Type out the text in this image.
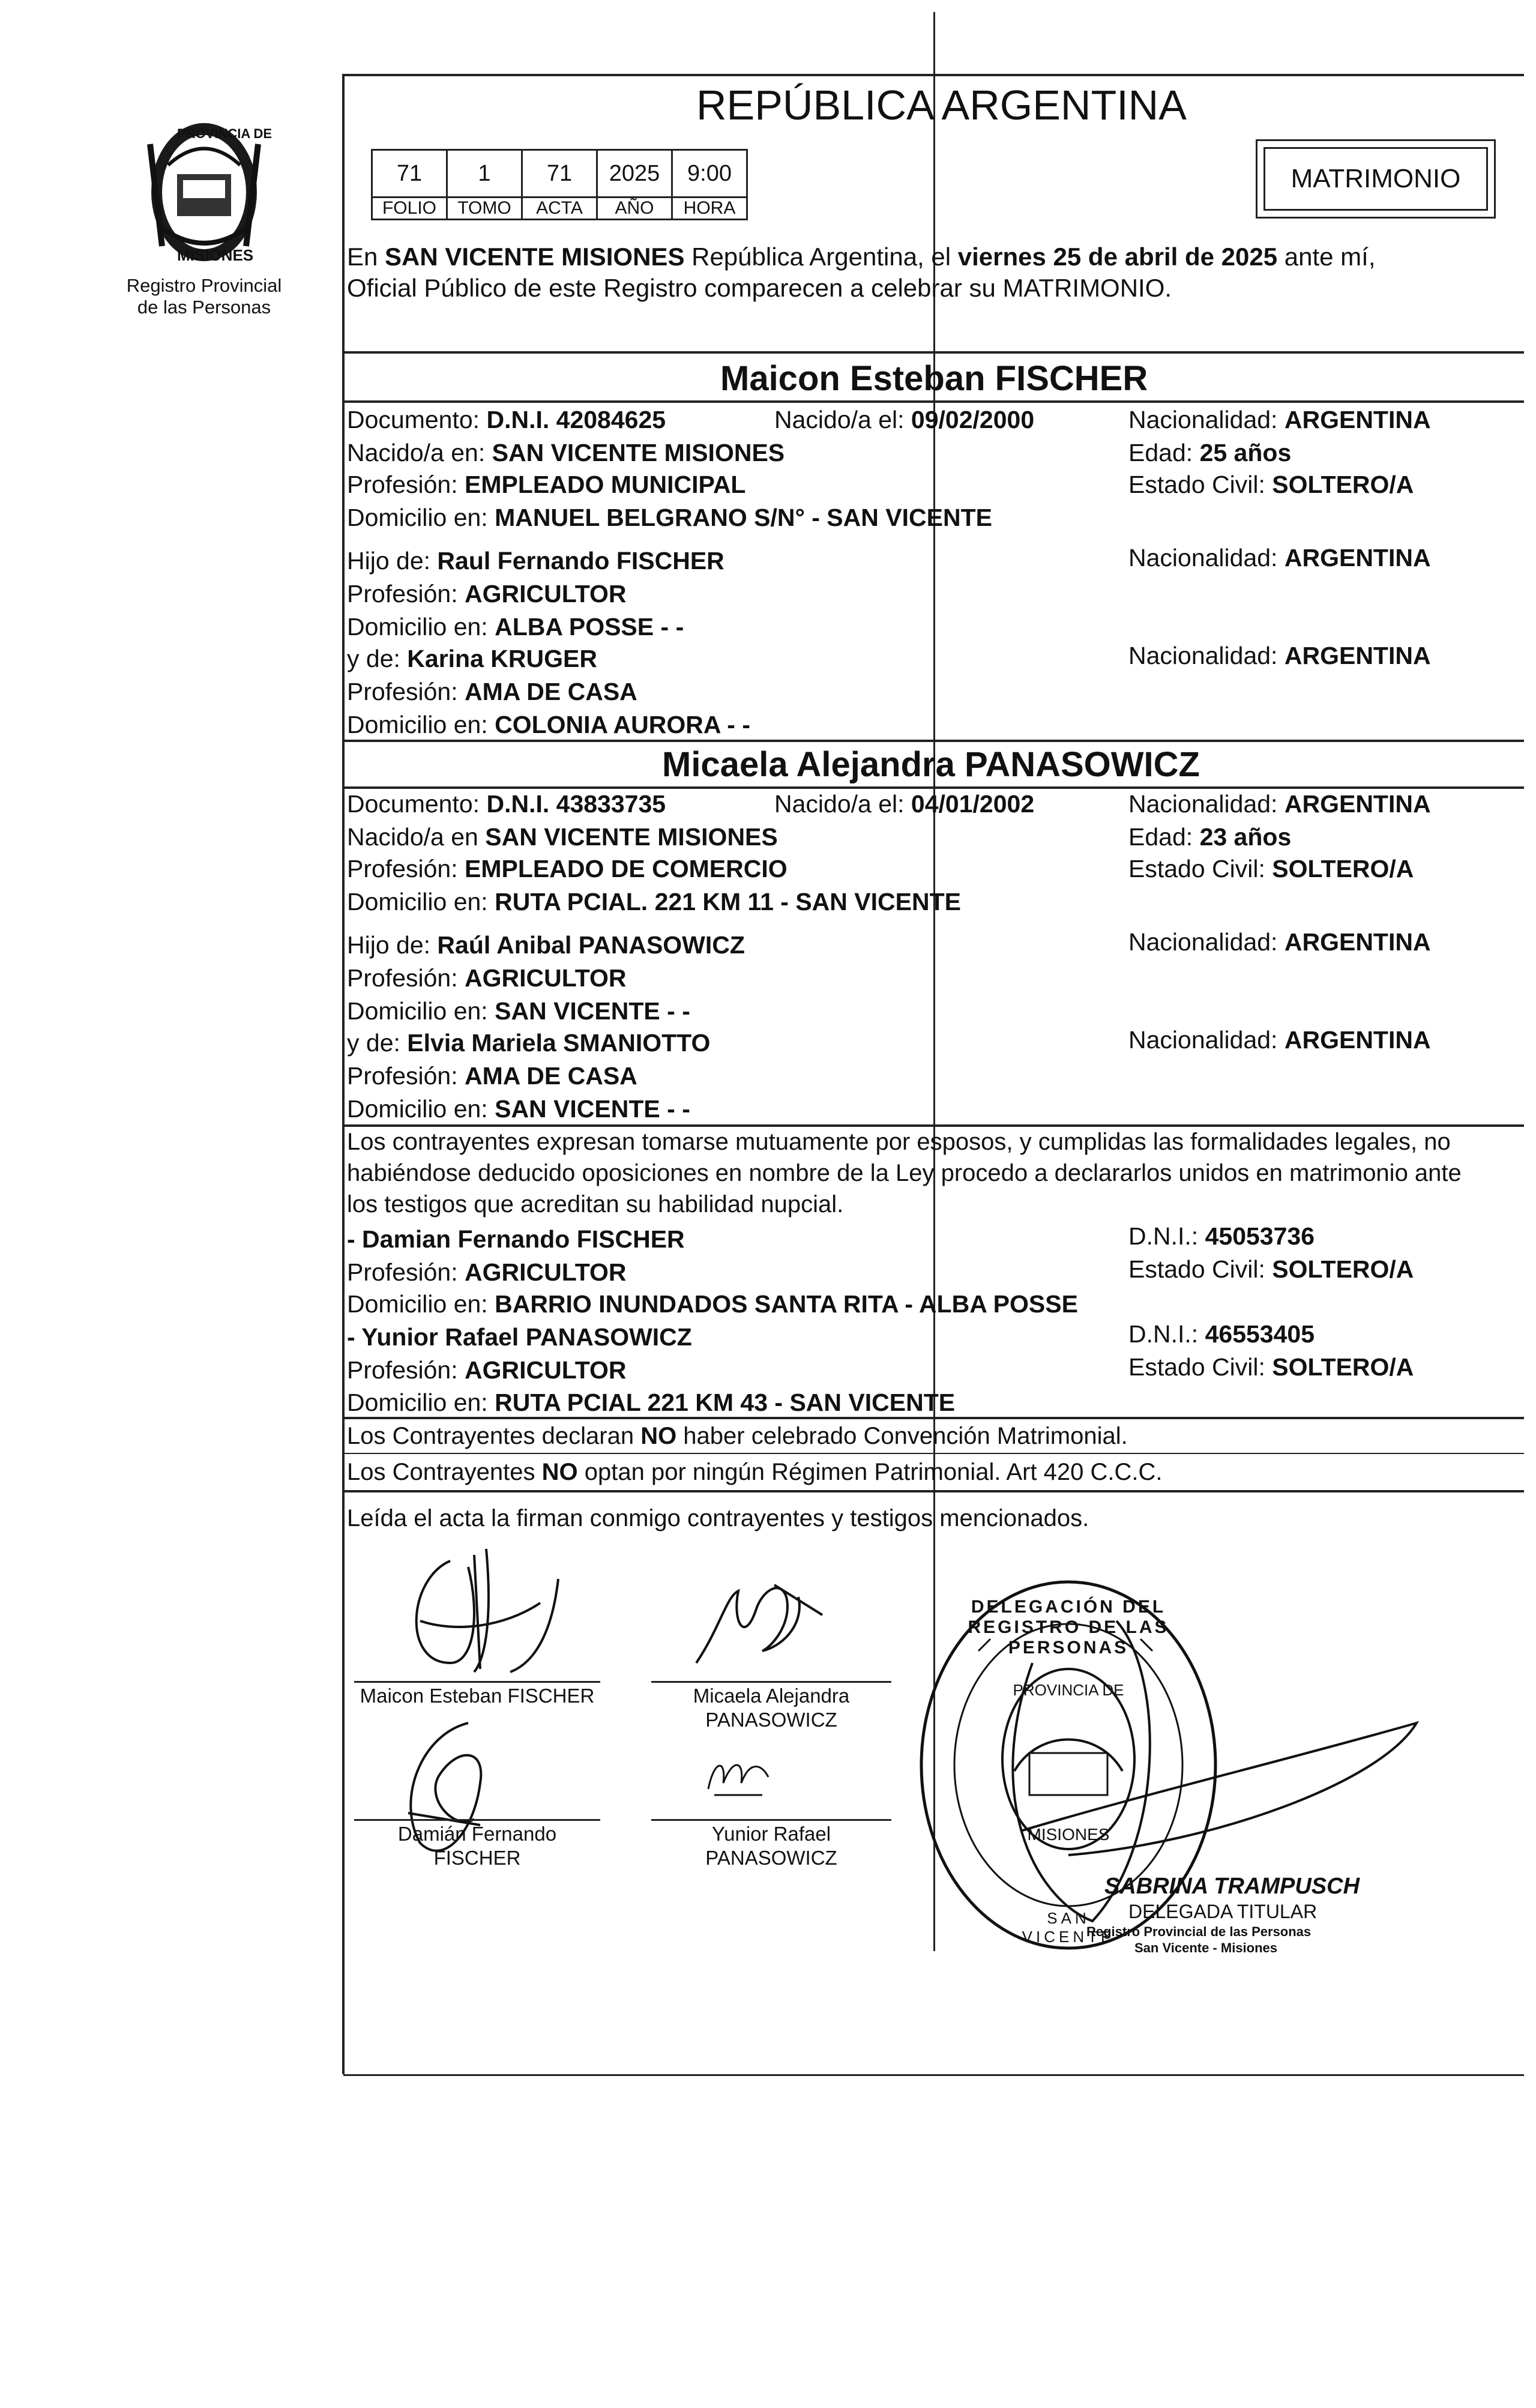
PROVINCIA DE
MISIONES
Registro Provincial
de las Personas
REPÚBLICA ARGENTINA
71	1	71	2025	9:00
FOLIO	TOMO	ACTA	AÑO	HORA
MATRIMONIO
En SAN VICENTE MISIONES República Argentina, el viernes 25 de abril de 2025 ante mí,
Oficial Público de este Registro comparecen a celebrar su MATRIMONIO.
Maicon Esteban FISCHER
Documento: D.N.I. 42084625	Nacido/a el: 09/02/2000	Nacionalidad: ARGENTINA
Nacido/a en: SAN VICENTE MISIONES	Edad: 25 años
Profesión: EMPLEADO MUNICIPAL	Estado Civil: SOLTERO/A
Domicilio en: MANUEL BELGRANO S/N° - SAN VICENTE
Hijo de: Raul Fernando FISCHER	Nacionalidad: ARGENTINA
Profesión: AGRICULTOR
Domicilio en: ALBA POSSE - -
y de: Karina KRUGER	Nacionalidad: ARGENTINA
Profesión: AMA DE CASA
Domicilio en: COLONIA AURORA - -
Micaela Alejandra PANASOWICZ
Documento: D.N.I. 43833735	Nacido/a el: 04/01/2002	Nacionalidad: ARGENTINA
Nacido/a en SAN VICENTE MISIONES	Edad: 23 años
Profesión: EMPLEADO DE COMERCIO	Estado Civil: SOLTERO/A
Domicilio en: RUTA PCIAL. 221 KM 11 - SAN VICENTE
Hijo de: Raúl Anibal PANASOWICZ	Nacionalidad: ARGENTINA
Profesión: AGRICULTOR
Domicilio en: SAN VICENTE - -
y de: Elvia Mariela SMANIOTTO	Nacionalidad: ARGENTINA
Profesión: AMA DE CASA
Domicilio en: SAN VICENTE - -
Los contrayentes expresan tomarse mutuamente por esposos, y cumplidas las formalidades legales, no
habiéndose deducido oposiciones en nombre de la Ley procedo a declararlos unidos en matrimonio ante
los testigos que acreditan su habilidad nupcial.
- Damian Fernando FISCHER	D.N.I.: 45053736
Profesión: AGRICULTOR	Estado Civil: SOLTERO/A
Domicilio en: BARRIO INUNDADOS SANTA RITA - ALBA POSSE
- Yunior Rafael PANASOWICZ	D.N.I.: 46553405
Profesión: AGRICULTOR	Estado Civil: SOLTERO/A
Domicilio en: RUTA PCIAL 221 KM 43 - SAN VICENTE
Los Contrayentes declaran NO haber celebrado Convención Matrimonial.
Los Contrayentes NO optan por ningún Régimen Patrimonial. Art 420 C.C.C.
Leída el acta la firman conmigo contrayentes y testigos mencionados.
Maicon Esteban FISCHER	Micaela Alejandra
PANASOWICZ
Damián Fernando
FISCHER
Yunior Rafael
PANASOWICZ
DELEGACIÓN DEL REGISTRO DE LAS PERSONAS
PROVINCIA DE
MISIONES
SAN VICENTE
SABRINA TRAMPUSCH
DELEGADA TITULAR
Registro Provincial de las Personas
San Vicente - Misiones
